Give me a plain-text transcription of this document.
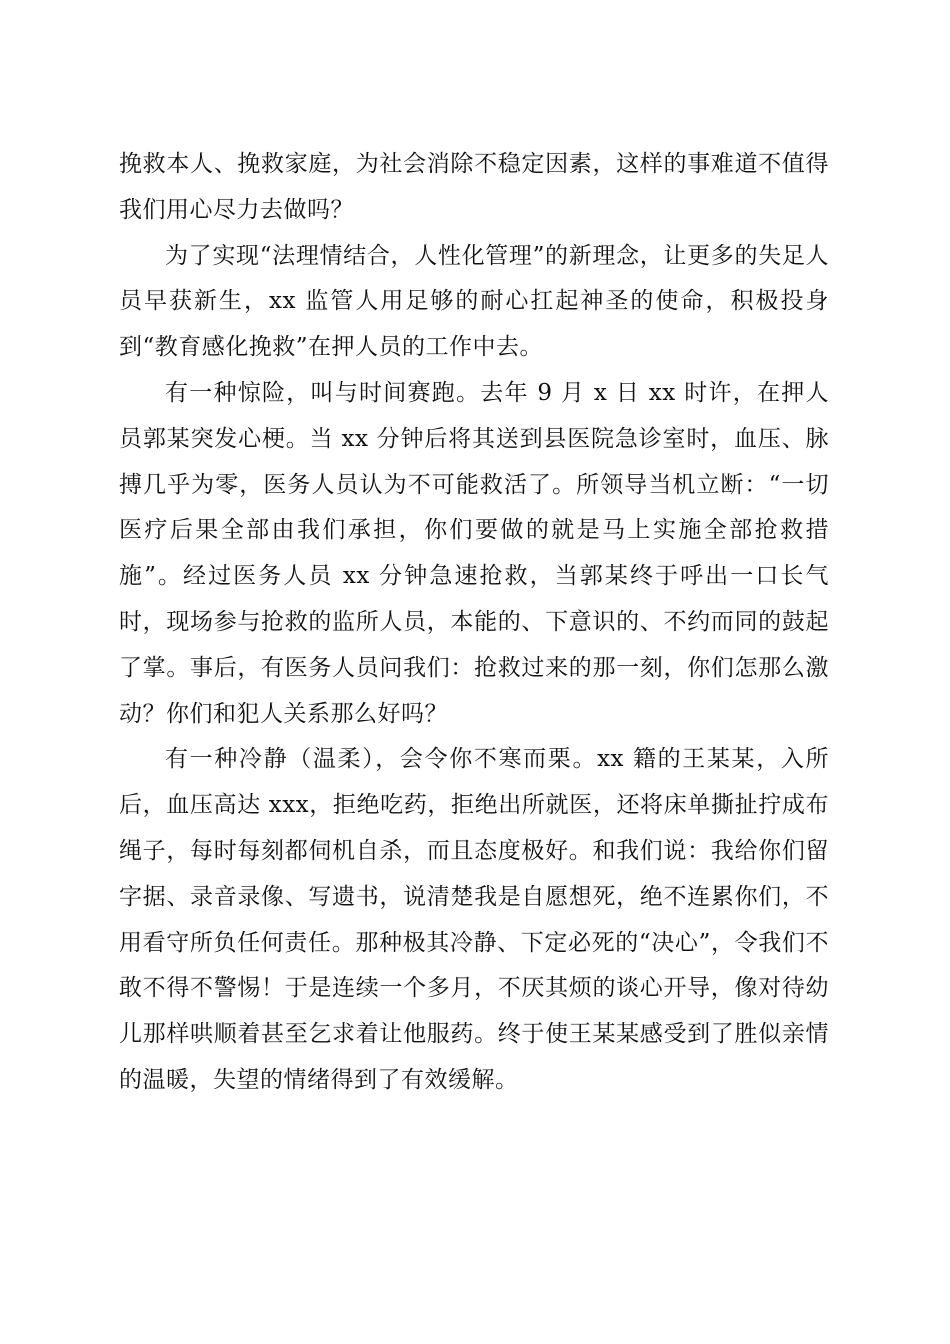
挽救本人、挽救家庭，为社会消除不稳定因素，这样的事难道不值得我们用心尽力去做吗？

为了实现“法理情结合，人性化管理”的新理念，让更多的失足人员早获新生，xx 监管人用足够的耐心扛起神圣的使命，积极投身到“教育感化挽救”在押人员的工作中去。

有一种惊险，叫与时间赛跑。去年 9 月 x 日 xx 时许，在押人员郭某突发心梗。当 xx 分钟后将其送到县医院急诊室时，血压、脉搏几乎为零，医务人员认为不可能救活了。所领导当机立断：“一切医疗后果全部由我们承担，你们要做的就是马上实施全部抢救措施”。经过医务人员 xx 分钟急速抢救，当郭某终于呼出一口长气时，现场参与抢救的监所人员，本能的、下意识的、不约而同的鼓起了掌。事后，有医务人员问我们：抢救过来的那一刻，你们怎那么激动？你们和犯人关系那么好吗？

有一种冷静（温柔），会令你不寒而栗。xx 籍的王某某，入所后，血压高达 xxx，拒绝吃药，拒绝出所就医，还将床单撕扯拧成布绳子，每时每刻都伺机自杀，而且态度极好。和我们说：我给你们留字据、录音录像、写遗书，说清楚我是自愿想死，绝不连累你们，不用看守所负任何责任。那种极其冷静、下定必死的“决心”，令我们不敢不得不警惕！于是连续一个多月，不厌其烦的谈心开导，像对待幼儿那样哄顺着甚至乞求着让他服药。终于使王某某感受到了胜似亲情的温暖，失望的情绪得到了有效缓解。
